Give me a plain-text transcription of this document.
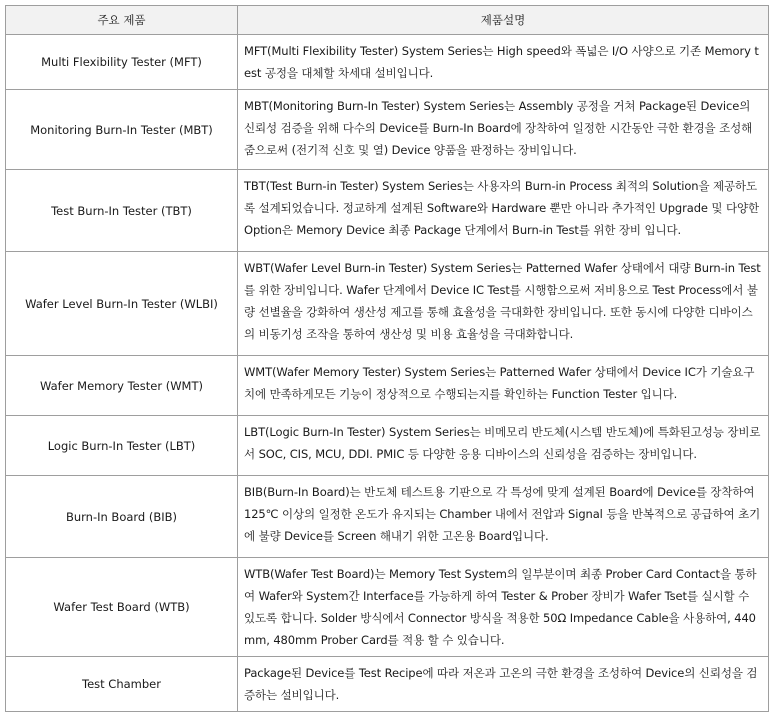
주요 제품	제품설명
Multi Flexibility Tester (MFT)	MFT(Multi Flexibility Tester) System Series는 High speed와 폭넓은 I/O 사양으로 기존 Memory test 공정을 대체할 차세대 설비입니다.
Monitoring Burn-In Tester (MBT)	MBT(Monitoring Burn-In Tester) System Series는 Assembly 공정을 거쳐 Package된 Device의 신뢰성 검증을 위해 다수의 Device를 Burn-In Board에 장착하여 일정한 시간동안 극한 환경을 조성해 줌으로써 (전기적 신호 및 열) Device 양품을 판정하는 장비입니다.
Test Burn-In Tester (TBT)	TBT(Test Burn-in Tester) System Series는 사용자의 Burn-in Process 최적의 Solution을 제공하도록 설계되었습니다. 정교하게 설계된 Software와 Hardware 뿐만 아니라 추가적인 Upgrade 및 다양한 Option은 Memory Device 최종 Package 단계에서 Burn-in Test를 위한 장비 입니다.
Wafer Level Burn-In Tester (WLBI)	WBT(Wafer Level Burn-in Tester) System Series는 Patterned Wafer 상태에서 대량 Burn-in Test를 위한 장비입니다. Wafer 단계에서 Device IC Test를 시행함으로써 저비용으로 Test Process에서 불량 선별율을 강화하여 생산성 제고를 통해 효율성을 극대화한 장비입니다. 또한 동시에 다양한 디바이스의 비동기성 조작을 통하여 생산성 및 비용 효율성을 극대화합니다.
Wafer Memory Tester (WMT)	WMT(Wafer Memory Tester) System Series는 Patterned Wafer 상태에서 Device IC가 기술요구치에 만족하게모든 기능이 정상적으로 수행되는지를 확인하는 Function Tester 입니다.
Logic Burn-In Tester (LBT)	LBT(Logic Burn-In Tester) System Series는 비메모리 반도체(시스템 반도체)에 특화된고성능 장비로서 SOC, CIS, MCU, DDI. PMIC 등 다양한 응용 디바이스의 신뢰성을 검증하는 장비입니다.
Burn-In Board (BIB)	BIB(Burn-In Board)는 반도체 테스트용 기판으로 각 특성에 맞게 설계된 Board에 Device를 장착하여 125℃ 이상의 일정한 온도가 유지되는 Chamber 내에서 전압과 Signal 등을 반복적으로 공급하여 초기에 불량 Device를 Screen 해내기 위한 고온용 Board입니다.
Wafer Test Board (WTB)	WTB(Wafer Test Board)는 Memory Test System의 일부분이며 최종 Prober Card Contact을 통하여 Wafer와 System간 Interface를 가능하게 하여 Tester & Prober 장비가 Wafer Tset를 실시할 수 있도록 합니다. Solder 방식에서 Connector 방식을 적용한 50Ω Impedance Cable을 사용하여, 440 mm, 480mm Prober Card를 적용 할 수 있습니다.
Test Chamber	Package된 Device를 Test Recipe에 따라 저온과 고온의 극한 환경을 조성하여 Device의 신뢰성을 검증하는 설비입니다.
